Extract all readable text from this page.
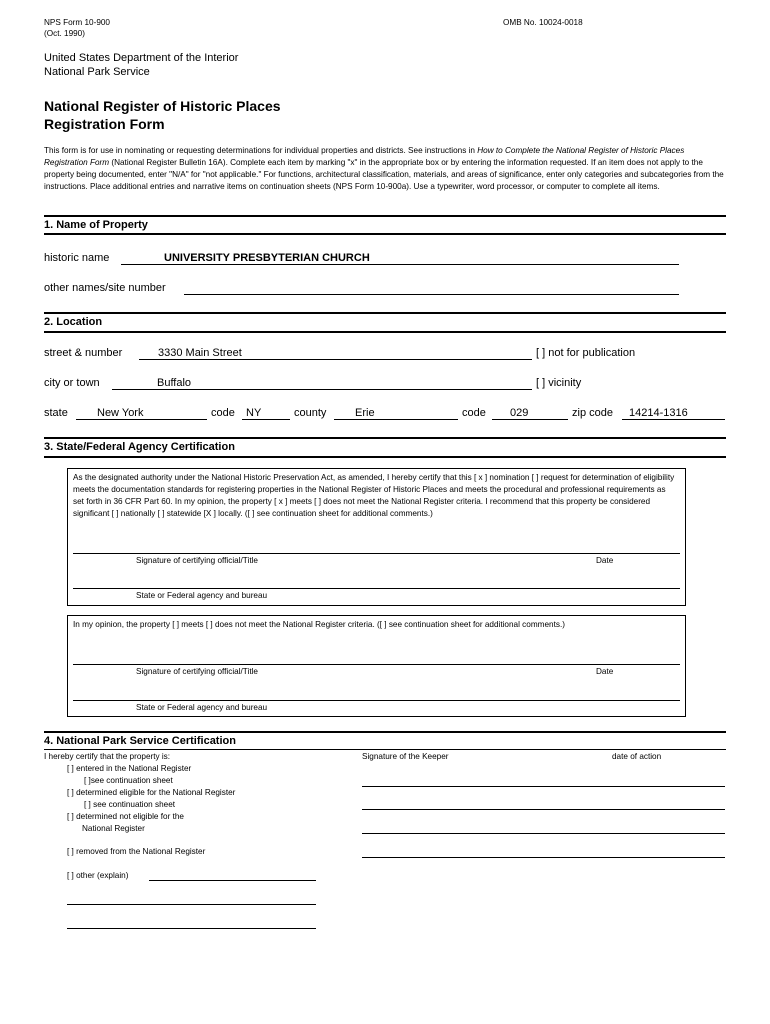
NPS Form 10-900
(Oct. 1990)
OMB No. 10024-0018
United States Department of the Interior
National Park Service
National Register of Historic Places
Registration Form
This form is for use in nominating or requesting determinations for individual properties and districts. See instructions in How to Complete the National Register of Historic Places Registration Form (National Register Bulletin 16A). Complete each item by marking "x" in the appropriate box or by entering the information requested. If an item does not apply to the property being documented, enter "N/A" for "not applicable." For functions, architectural classification, materials, and areas of significance, enter only categories and subcategories from the instructions. Place additional entries and narrative items on continuation sheets (NPS Form 10-900a). Use a typewriter, word processor, or computer to complete all items.
1. Name of Property
historic name	UNIVERSITY PRESBYTERIAN CHURCH
other names/site number
2. Location
street & number	3330 Main Street	[ ] not for publication
city or town	Buffalo	[ ] vicinity
state	New York	code NY	county	Erie	code 029	zip code 14214-1316
3. State/Federal Agency Certification
As the designated authority under the National Historic Preservation Act, as amended, I hereby certify that this [ x ] nomination [ ] request for determination of eligibility meets the documentation standards for registering properties in the National Register of Historic Places and meets the procedural and professional requirements as set forth in 36 CFR Part 60. In my opinion, the property [ x ] meets [ ] does not meet the National Register criteria. I recommend that this property be considered significant [ ] nationally [ ] statewide [X ] locally. ([ ] see continuation sheet for additional comments.)
Signature of certifying official/Title	Date
State or Federal agency and bureau
In my opinion, the property [ ] meets [ ] does not meet the National Register criteria. ([ ] see continuation sheet for additional comments.)
Signature of certifying official/Title	Date
State or Federal agency and bureau
4. National Park Service Certification
I hereby certify that the property is:
[ ] entered in the National Register
[ ]see continuation sheet
[ ] determined eligible for the National Register
[ ] see continuation sheet
[ ] determined not eligible for the
National Register
[ ] removed from the National Register
[ ] other (explain)
Signature of the Keeper	date of action
